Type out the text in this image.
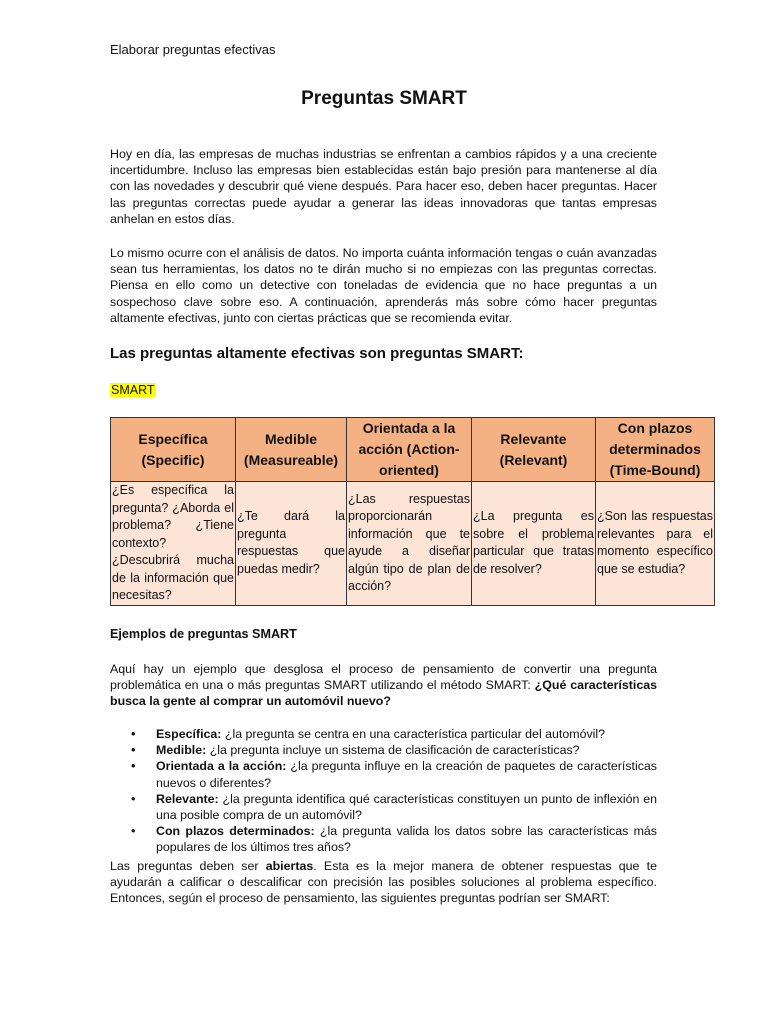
Elaborar preguntas efectivas
Preguntas SMART

Hoy en día, las empresas de muchas industrias se enfrentan a cambios rápidos y a una creciente incertidumbre. Incluso las empresas bien establecidas están bajo presión para mantenerse al día con las novedades y descubrir qué viene después. Para hacer eso, deben hacer preguntas. Hacer las preguntas correctas puede ayudar a generar las ideas innovadoras que tantas empresas anhelan en estos días.

Lo mismo ocurre con el análisis de datos. No importa cuánta información tengas o cuán avanzadas sean tus herramientas, los datos no te dirán mucho si no empiezas con las preguntas correctas. Piensa en ello como un detective con toneladas de evidencia que no hace preguntas a un sospechoso clave sobre eso. A continuación, aprenderás más sobre cómo hacer preguntas altamente efectivas, junto con ciertas prácticas que se recomienda evitar.

Las preguntas altamente efectivas son preguntas SMART:
SMART
Específica (Specific)	Medible (Measureable)	Orientada a la acción (Action-oriented)	Relevante (Relevant)	Con plazos determinados (Time-Bound)
¿Es específica la pregunta? ¿Aborda el problema? ¿Tiene contexto? ¿Descubrirá mucha de la información que necesitas?	¿Te dará la pregunta respuestas que puedas medir?	¿Las respuestas proporcionarán información que te ayude a diseñar algún tipo de plan de acción?	¿La pregunta es sobre el problema particular que tratas de resolver?	¿Son las respuestas relevantes para el momento específico que se estudia?
Ejemplos de preguntas SMART

Aquí hay un ejemplo que desglosa el proceso de pensamiento de convertir una pregunta problemática en una o más preguntas SMART utilizando el método SMART: ¿Qué características busca la gente al comprar un automóvil nuevo?

• Específica: ¿la pregunta se centra en una característica particular del automóvil?
• Medible: ¿la pregunta incluye un sistema de clasificación de características?
• Orientada a la acción: ¿la pregunta influye en la creación de paquetes de características nuevos o diferentes?
• Relevante: ¿la pregunta identifica qué características constituyen un punto de inflexión en una posible compra de un automóvil?
• Con plazos determinados: ¿la pregunta valida los datos sobre las características más populares de los últimos tres años?

Las preguntas deben ser abiertas. Esta es la mejor manera de obtener respuestas que te ayudarán a calificar o descalificar con precisión las posibles soluciones al problema específico. Entonces, según el proceso de pensamiento, las siguientes preguntas podrían ser SMART:
